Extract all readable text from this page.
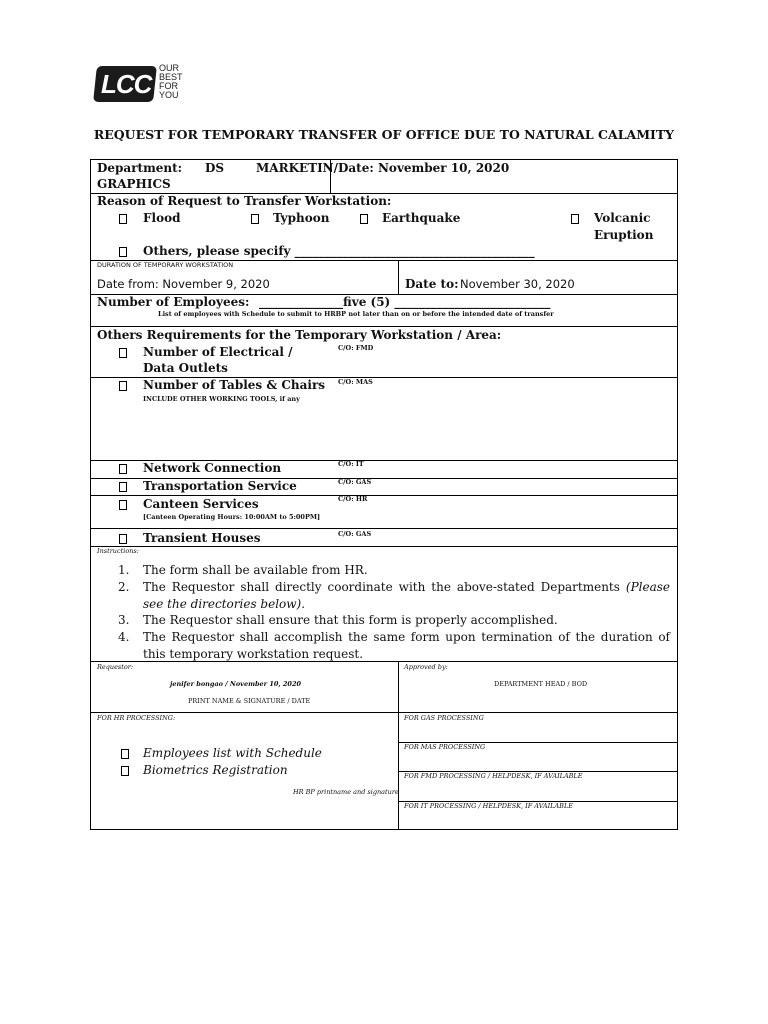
LCC
OUR
BEST
FOR
YOU
REQUEST FOR TEMPORARY TRANSFER OF OFFICE DUE TO NATURAL CALAMITY
Department: DS	MARKETIN/
GRAPHICS
Date: November 10, 2020
Reason of Request to Transfer Workstation:
Flood	Typhoon	Earthquake	Volcanic
Eruption
Others, please specify ________________________________________
DURATION OF TEMPORARY WORKSTATION
Date from: November 9, 2020	Date to: November 30, 2020
Number of Employees: ______________five (5) __________________________
List of employees with Schedule to submit to HRBP not later than on or before the intended date of transfer
Others Requirements for the Temporary Workstation / Area:
Number of Electrical /
Data Outlets
C/O: FMD
Number of Tables & Chairs
INCLUDE OTHER WORKING TOOLS, if any
C/O: MAS
Network Connection	C/O: IT
Transportation Service	C/O: GAS
Canteen Services
[Canteen Operating Hours: 10:00AM to 5:00PM]
C/O: HR
Transient Houses	C/O: GAS
Instructions:
1. The form shall be available from HR.
2. The Requestor shall directly coordinate with the above-stated Departments (Please see the directories below).
3. The Requestor shall ensure that this form is properly accomplished.
4. The Requestor shall accomplish the same form upon termination of the duration of this temporary workstation request.
Requestor:
jenifer bongao / November 10, 2020
PRINT NAME & SIGNATURE / DATE
Approved by:
DEPARTMENT HEAD / BOD
FOR HR PROCESSING:
Employees list with Schedule
Biometrics Registration
HR BP printname and signature
FOR GAS PROCESSING
FOR MAS PROCESSING
FOR FMD PROCESSING / HELPDESK, IF AVAILABLE
FOR IT PROCESSING / HELPDESK, IF AVAILABLE
